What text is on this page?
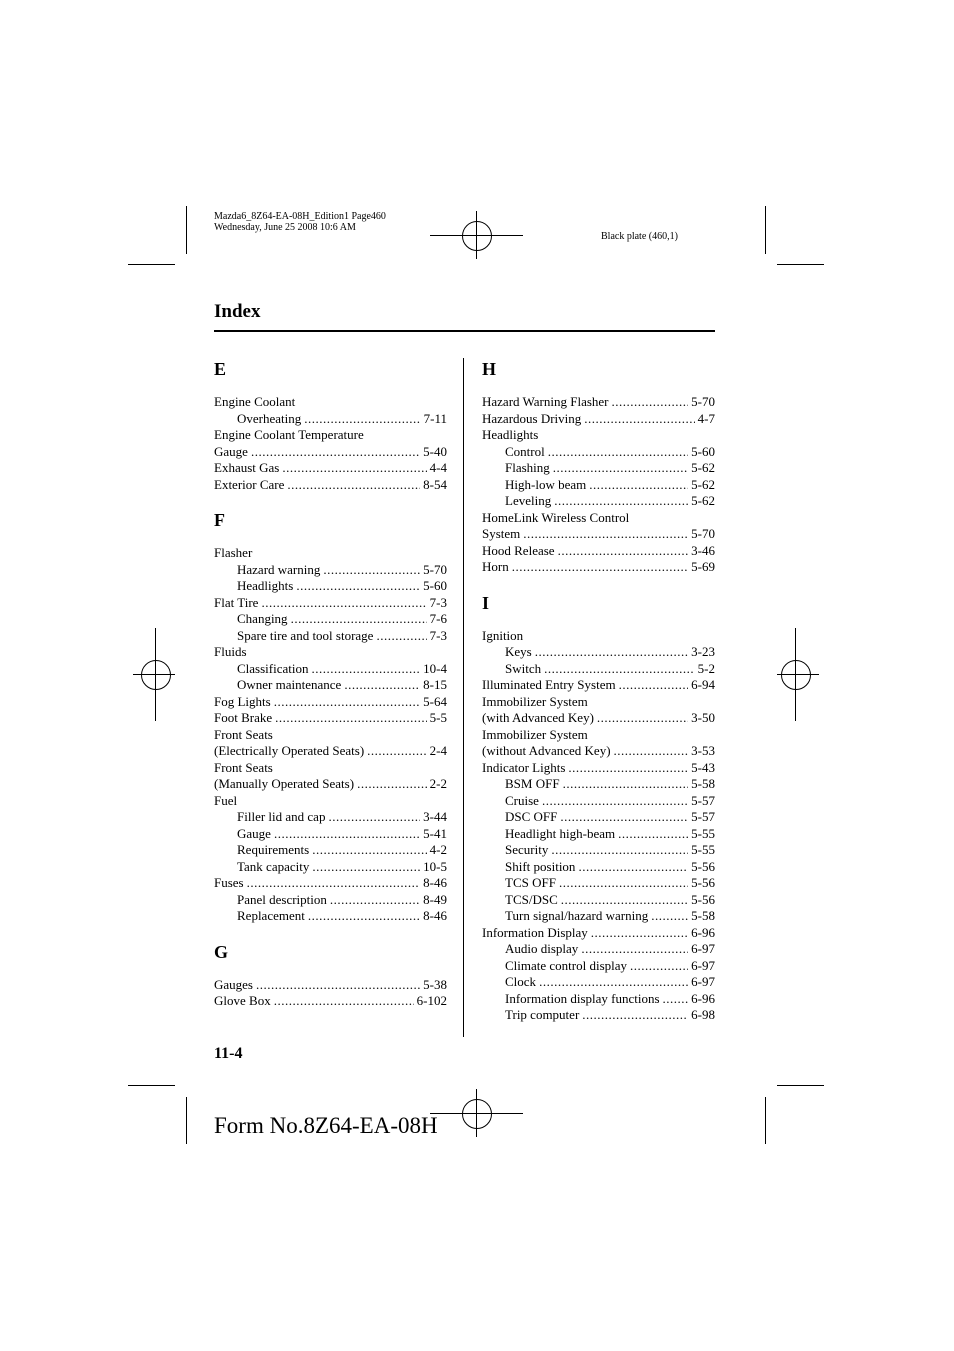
Mazda6_8Z64-EA-08H_Edition1 Page460
Wednesday, June 25 2008 10:6 AM
Black plate (460,1)
Index
E
Engine Coolant
Overheating .....	7-11
Engine Coolant Temperature
Gauge .....	5-40
Exhaust Gas .....	4-4
Exterior Care .....	8-54
F
Flasher
Hazard warning .....	5-70
Headlights .....	5-60
Flat Tire .....	7-3
Changing .....	7-6
Spare tire and tool storage .....	7-3
Fluids
Classification .....	10-4
Owner maintenance .....	8-15
Fog Lights .....	5-64
Foot Brake .....	5-5
Front Seats
(Electrically Operated Seats) .....	2-4
Front Seats
(Manually Operated Seats) .....	2-2
Fuel
Filler lid and cap .....	3-44
Gauge .....	5-41
Requirements .....	4-2
Tank capacity .....	10-5
Fuses .....	8-46
Panel description .....	8-49
Replacement .....	8-46
G
Gauges .....	5-38
Glove Box .....	6-102
H
Hazard Warning Flasher .....	5-70
Hazardous Driving .....	4-7
Headlights
Control .....	5-60
Flashing .....	5-62
High-low beam .....	5-62
Leveling .....	5-62
HomeLink Wireless Control
System .....	5-70
Hood Release .....	3-46
Horn .....	5-69
I
Ignition
Keys .....	3-23
Switch .....	5-2
Illuminated Entry System .....	6-94
Immobilizer System
(with Advanced Key) .....	3-50
Immobilizer System
(without Advanced Key) .....	3-53
Indicator Lights .....	5-43
BSM OFF .....	5-58
Cruise .....	5-57
DSC OFF .....	5-57
Headlight high-beam .....	5-55
Security .....	5-55
Shift position .....	5-56
TCS OFF .....	5-56
TCS/DSC .....	5-56
Turn signal/hazard warning .....	5-58
Information Display .....	6-96
Audio display .....	6-97
Climate control display .....	6-97
Clock .....	6-97
Information display functions ..... 6-96
Trip computer .....	6-98
11-4
Form No.8Z64-EA-08H
